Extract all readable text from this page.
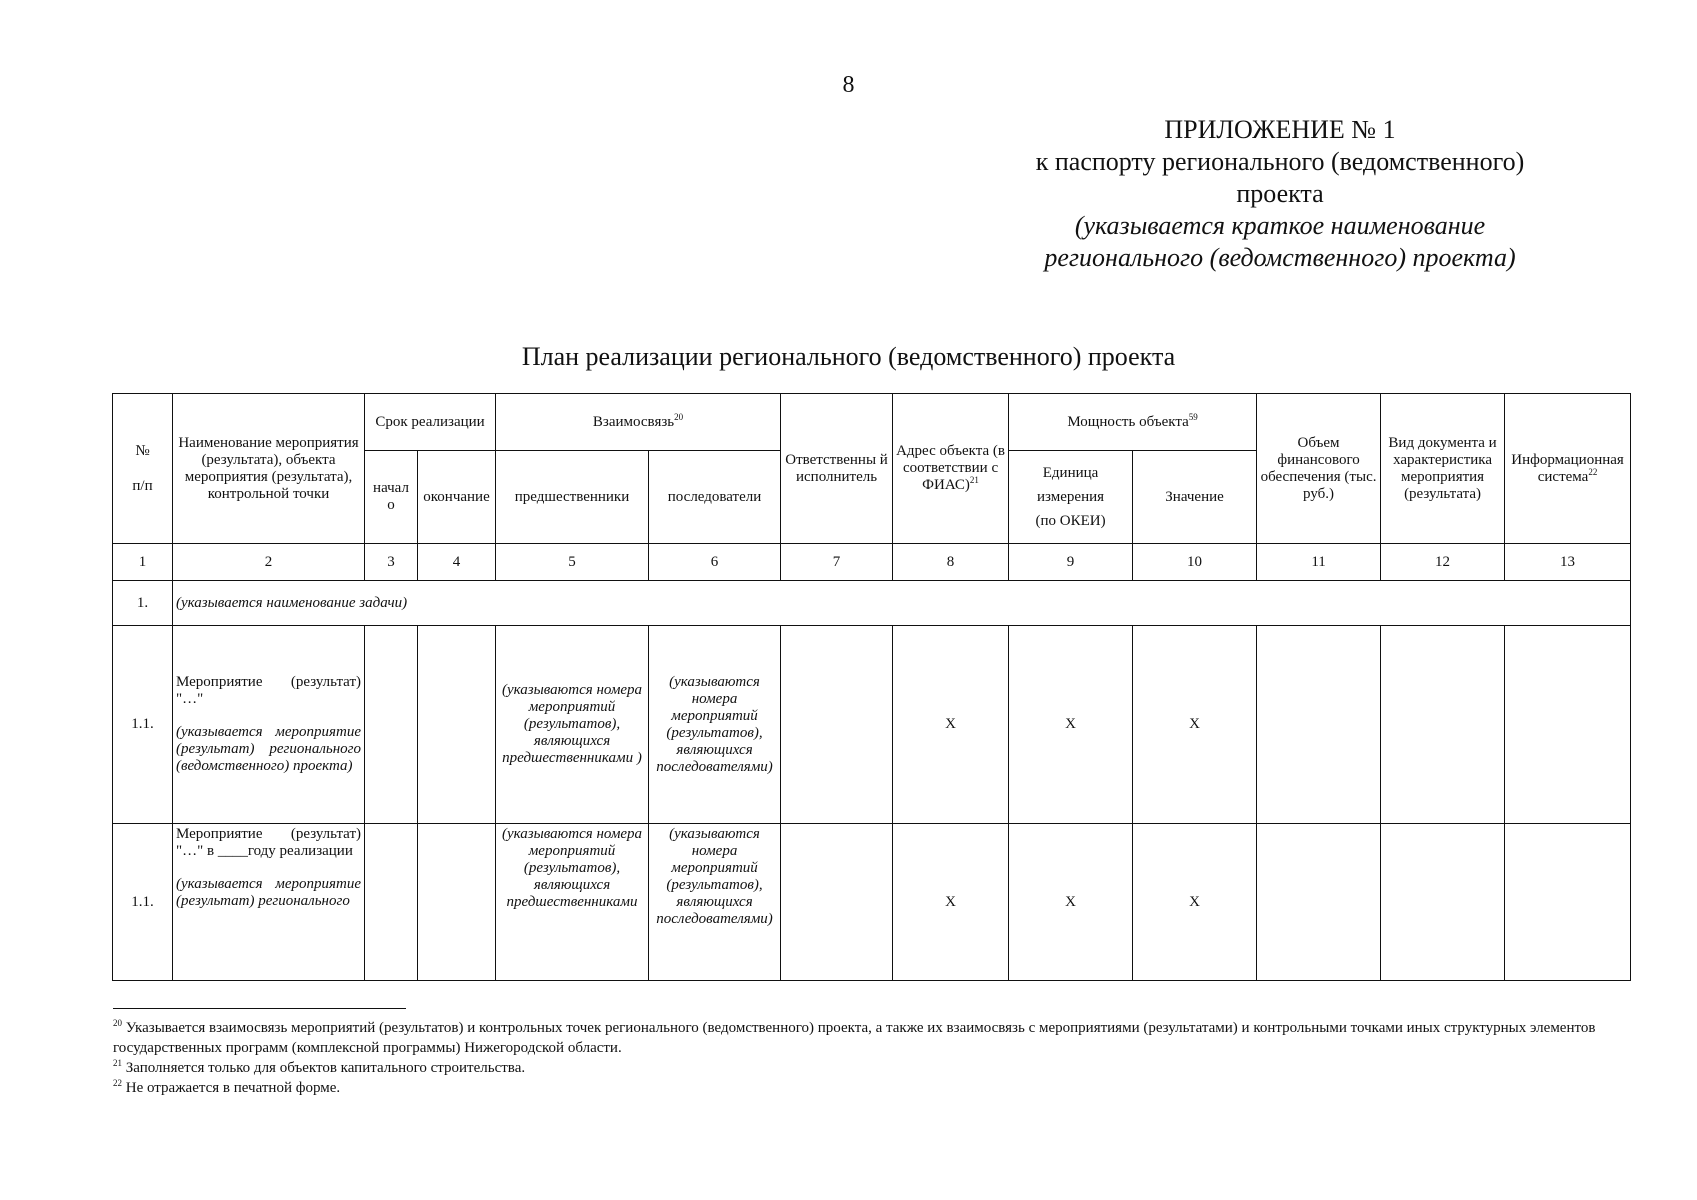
8
ПРИЛОЖЕНИЕ № 1
к паспорту регионального (ведомственного)
проекта
(указывается краткое наименование
регионального (ведомственного) проекта)
План реализации регионального (ведомственного) проекта
№
п/п	Наименование мероприятия (результата), объекта мероприятия (результата), контрольной точки	Срок реализации		Взаимосвязь$^{20}$		Ответственны й исполнитель	Адрес объекта (в соответствии с ФИАС)$^{21}$	Мощность объекта$^{59}$		Объем финансового обеспечения (тыс. руб.)	Вид документа и характеристика мероприятия (результата)	Информационная система$^{22}$
		начал о	окончание	предшественники	последователи			Единица
измерения
(по ОКЕИ)	Значение			
1	2	3	4	5	6	7	8	9	10	11	12	13
1.	(указывается наименование задачи)											
1.1.	Мероприятие (результат)
"…"
(указывается мероприятие (результат) регионального (ведомственного) проекта)			(указываются номера мероприятий (результатов), являющихся предшественниками )	(указываются номера мероприятий (результатов), являющихся последователями)		Х	Х	Х			
1.1.	Мероприятие (результат)
"…" в ____году реализации
(указывается мероприятие (результат) регионального			(указываются номера мероприятий (результатов), являющихся предшественниками	(указываются номера мероприятий (результатов), являющихся последователями)		Х	Х	Х			

$^{20}$ Указывается взаимосвязь мероприятий (результатов) и контрольных точек регионального (ведомственного) проекта, а также их взаимосвязь с мероприятиями (результатами) и контрольными точками иных структурных элементов государственных программ (комплексной программы) Нижегородской области.

$^{21}$ Заполняется только для объектов капитального строительства.

$^{22}$ Не отражается в печатной форме.
